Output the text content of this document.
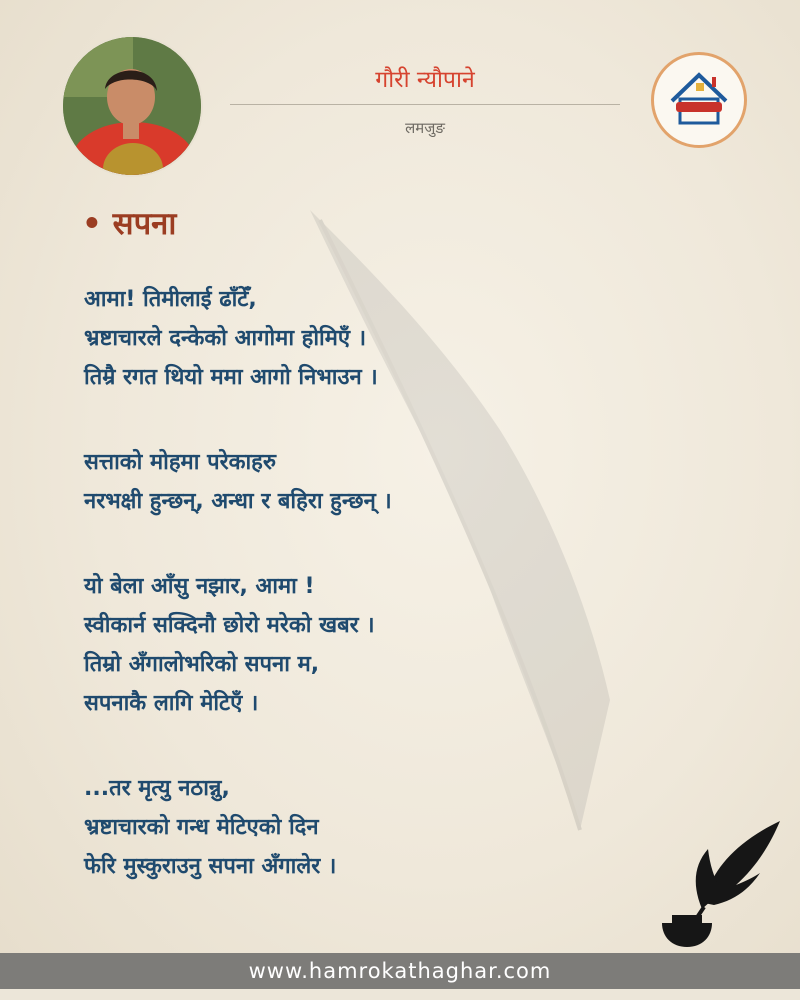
गौरी न्यौपाने
लमजुङ
• सपना
आमा! तिमीलाई ढाँटेँ,
भ्रष्टाचारले दन्केको आगोमा होमिएँ ।
तिम्रै रगत थियो ममा आगो निभाउन ।
सत्ताको मोहमा परेकाहरु
नरभक्षी हुन्छन्, अन्धा र बहिरा हुन्छन् ।
यो बेला आँसु नझार, आमा !
स्वीकार्न सक्दिनौ छोरो मरेको खबर ।
तिम्रो अँगालोभरिको सपना म,
सपनाकै लागि मेटिएँ ।
...तर मृत्यु नठान्नु,
भ्रष्टाचारको गन्ध मेटिएको दिन
फेरि मुस्कुराउनु सपना अँगालेर ।
www.hamrokathaghar.com
